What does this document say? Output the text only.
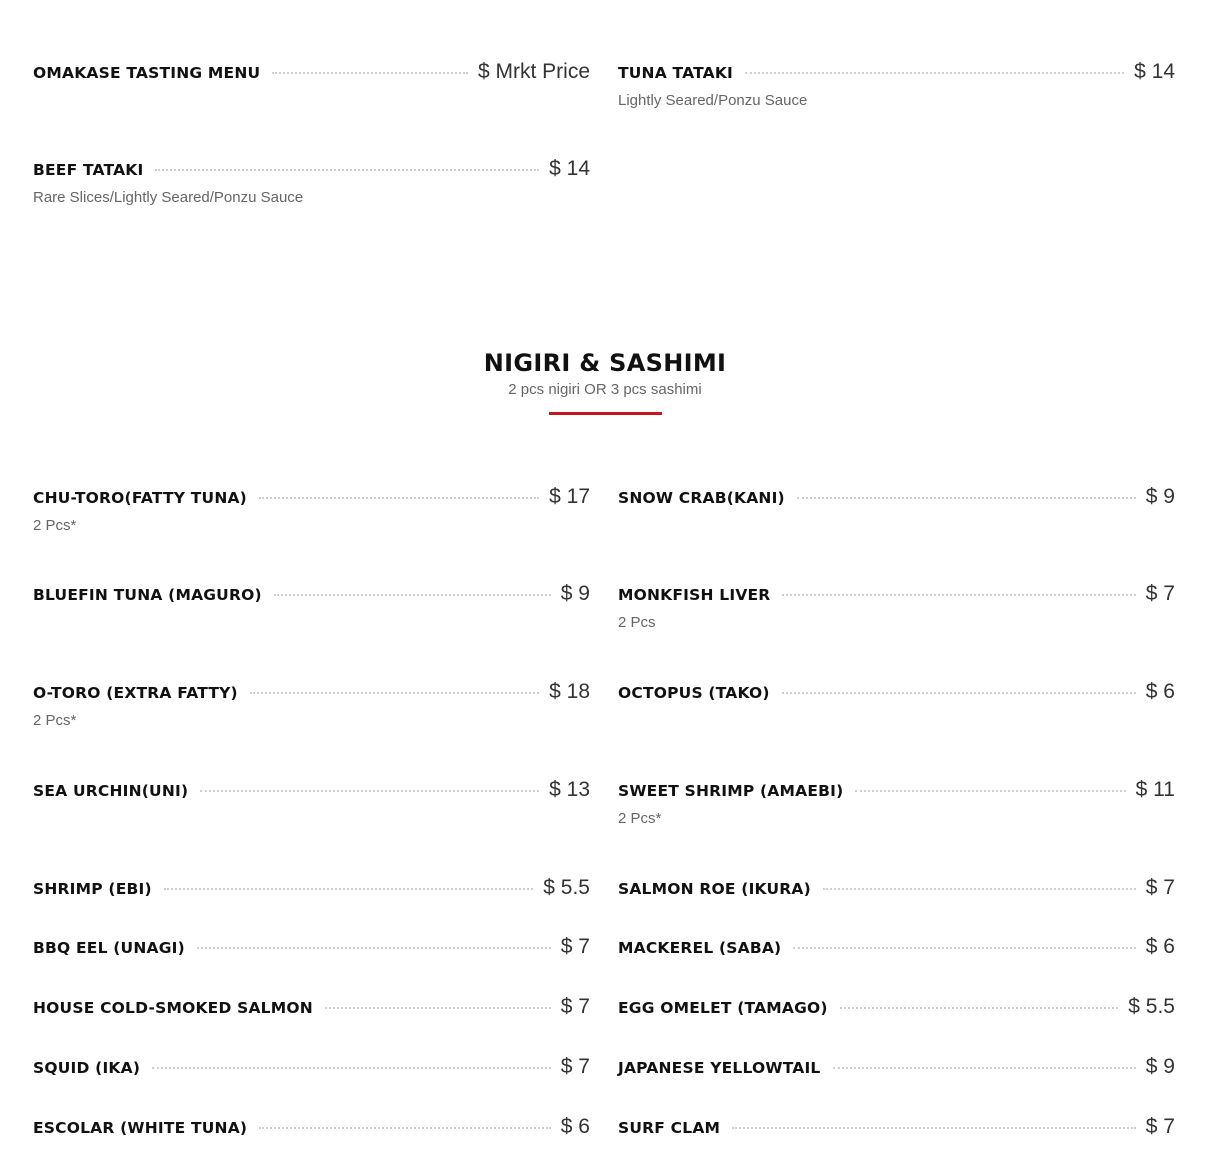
OMAKASE TASTING MENU	$ Mrkt Price TUNA TATAKI	$ 14
Lightly Seared/Ponzu Sauce
BEEF TATAKI	$ 14
Rare Slices/Lightly Seared/Ponzu Sauce
NIGIRI & SASHIMI
2 pcs nigiri OR 3 pcs sashimi
CHU-TORO(FATTY TUNA)	$ 17
2 Pcs*
SNOW CRAB(KANI)	$ 9
BLUEFIN TUNA (MAGURO)	$ 9 MONKFISH LIVER	$ 7
2 Pcs
O-TORO (EXTRA FATTY)	$ 18
2 Pcs*
OCTOPUS (TAKO)	$ 6
SEA URCHIN(UNI)	$ 13 SWEET SHRIMP (AMAEBI)	$ 11
2 Pcs*
SHRIMP (EBI)	$ 5.5 SALMON ROE (IKURA)	$ 7
BBQ EEL (UNAGI)	$ 7 MACKEREL (SABA)	$ 6
HOUSE COLD-SMOKED SALMON	$ 7 EGG OMELET (TAMAGO)	$ 5.5
SQUID (IKA)	$ 7 JAPANESE YELLOWTAIL	$ 9
ESCOLAR (WHITE TUNA)	$ 6 SURF CLAM	$ 7
